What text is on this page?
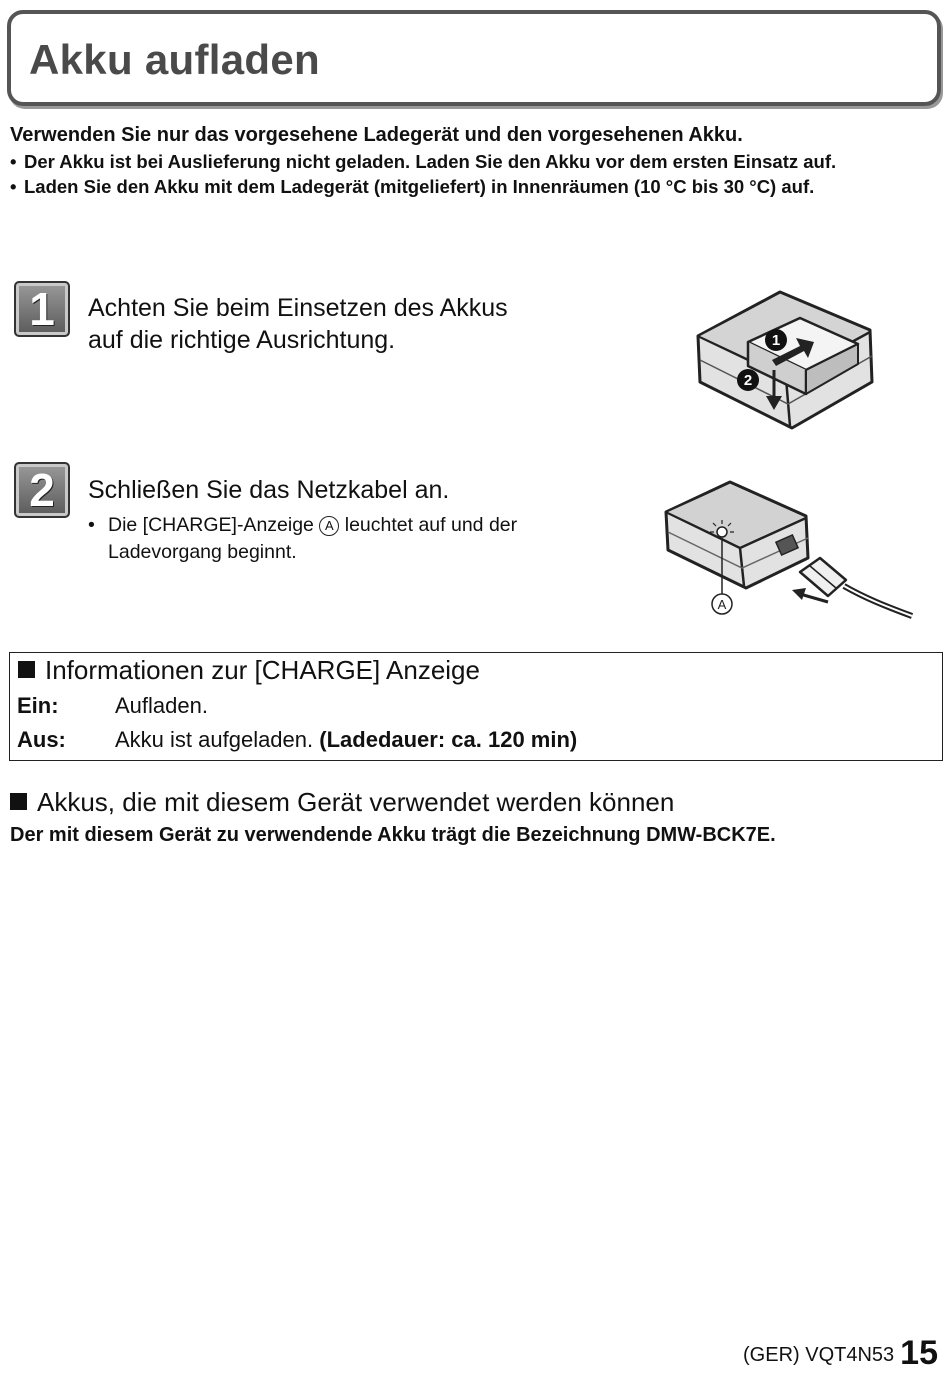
Akku aufladen

Verwenden Sie nur das vorgesehene Ladegerät und den vorgesehenen Akku.

• Der Akku ist bei Auslieferung nicht geladen. Laden Sie den Akku vor dem ersten Einsatz auf.
• Laden Sie den Akku mit dem Ladegerät (mitgeliefert) in Innenräumen (10 °C bis 30 °C) auf.
1	Achten Sie beim Einsetzen des Akkus
auf die richtige Ausrichtung.	1
2
2	Schließen Sie das Netzkabel an.
• Die [CHARGE]-Anzeige A leuchtet auf und der
Ladevorgang beginnt.
A
Informationen zur [CHARGE] Anzeige
Ein:	Aufladen.
Aus: Akku ist aufgeladen. (Ladedauer: ca. 120 min)
Akkus, die mit diesem Gerät verwendet werden können
Der mit diesem Gerät zu verwendende Akku trägt die Bezeichnung DMW-BCK7E.
(GER) VQT4N53 15
